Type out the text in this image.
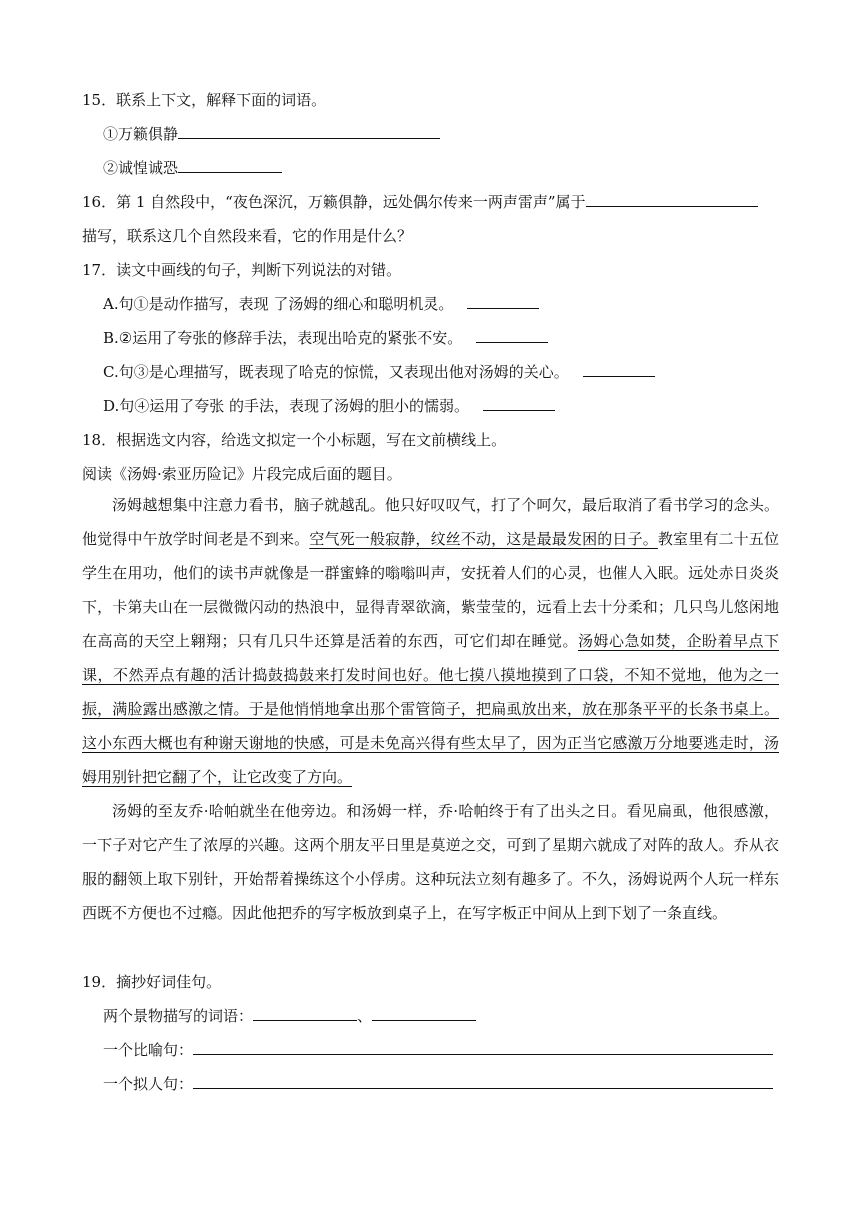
15．联系上下文，解释下面的词语。
①万籁俱静
②诚惶诚恐
16．第 1 自然段中，“夜色深沉，万籁俱静，远处偶尔传来一两声雷声”属于
描写，联系这几个自然段来看，它的作用是什么？
17．读文中画线的句子，判断下列说法的对错。
A.句①是动作描写，表现 了汤姆的细心和聪明机灵。
B.②运用了夸张的修辞手法，表现出哈克的紧张不安。
C.句③是心理描写，既表现了哈克的惊慌，又表现出他对汤姆的关心。
D.句④运用了夸张 的手法，表现了汤姆的胆小的懦弱。
18．根据选文内容，给选文拟定一个小标题，写在文前横线上。
阅读《汤姆·索亚历险记》片段完成后面的题目。

汤姆越想集中注意力看书，脑子就越乱。他只好叹叹气，打了个呵欠，最后取消了看书学习的念头。他觉得中午放学时间老是不到来。空气死一般寂静，纹丝不动，这是最最发困的日子。教室里有二十五位学生在用功，他们的读书声就像是一群蜜蜂的嗡嗡叫声，安抚着人们的心灵，也催人入眠。远处赤日炎炎下，卡第夫山在一层微微闪动的热浪中，显得青翠欲滴，紫莹莹的，远看上去十分柔和；几只鸟儿悠闲地在高高的天空上翱翔；只有几只牛还算是活着的东西，可它们却在睡觉。汤姆心急如焚，企盼着早点下课，不然弄点有趣的活计捣鼓捣鼓来打发时间也好。他七摸八摸地摸到了口袋，不知不觉地，他为之一振，满脸露出感激之情。于是他悄悄地拿出那个雷管筒子，把扁虱放出来，放在那条平平的长条书桌上。这小东西大概也有种谢天谢地的快感，可是未免高兴得有些太早了，因为正当它感激万分地要逃走时，汤姆用别针把它翻了个，让它改变了方向。

汤姆的至友乔·哈帕就坐在他旁边。和汤姆一样，乔·哈帕终于有了出头之日。看见扁虱，他很感激，一下子对它产生了浓厚的兴趣。这两个朋友平日里是莫逆之交，可到了星期六就成了对阵的敌人。乔从衣服的翻领上取下别针，开始帮着操练这个小俘虏。这种玩法立刻有趣多了。不久，汤姆说两个人玩一样东西既不方便也不过瘾。因此他把乔的写字板放到桌子上，在写字板正中间从上到下划了一条直线。

19．摘抄好词佳句。
两个景物描写的词语：	、
一个比喻句：
一个拟人句：
